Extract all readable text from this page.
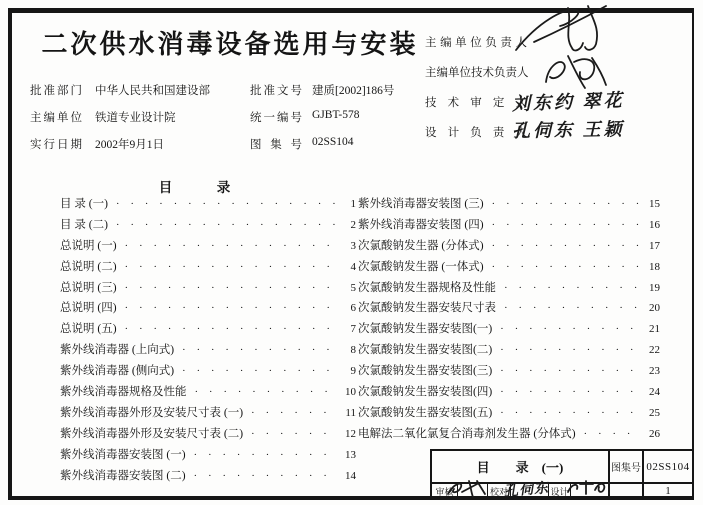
二次供水消毒设备选用与安装
批准部门 中华人民共和国建设部	批准文号 建质[2002]186号
主编单位 铁道专业设计院	统一编号 GJBT-578
实行日期 2002年9月1日	图集号 02SS104
主编单位负责人
主编单位技术负责人
技术审定人
设计负责人
刘东约 翠花
孔伺东 王颖
目　　　录
目 录 (一) · · ·	1
目 录 (二) · · ·	2
总说明 (一) · · ·	3
总说明 (二) · · ·	4
总说明 (三) · · ·	5
总说明 (四) · · ·	6
总说明 (五) · · ·	7
紫外线消毒器 (上向式) · · ·	8
紫外线消毒器 (侧向式) · · ·	9
紫外线消毒器规格及性能 · · ·	10
紫外线消毒器外形及安装尺寸表 (一) · · ·	11
紫外线消毒器外形及安装尺寸表 (二) · · ·	12
紫外线消毒器安装图 (一) · · ·	13
紫外线消毒器安装图 (二) · · ·	14
紫外线消毒器安装图 (三) · · ·	15
紫外线消毒器安装图 (四) · · ·	16
次氯酸钠发生器 (分体式) · · ·	17
次氯酸钠发生器 (一体式) · · ·	18
次氯酸钠发生器规格及性能 · · ·	19
次氯酸钠发生器安装尺寸表 · · ·	20
次氯酸钠发生器安装图(一) · · ·	21
次氯酸钠发生器安装图(二) · · ·	22
次氯酸钠发生器安装图(三) · · ·	23
次氯酸钠发生器安装图(四) · · ·	24
次氯酸钠发生器安装图(五) · · ·	25
电解法二氧化氯复合消毒剂发生器 (分体式) · · ·	26
目　　录　(一)	图集号 02SS104
审核	校对	设计	1
孔伺东
